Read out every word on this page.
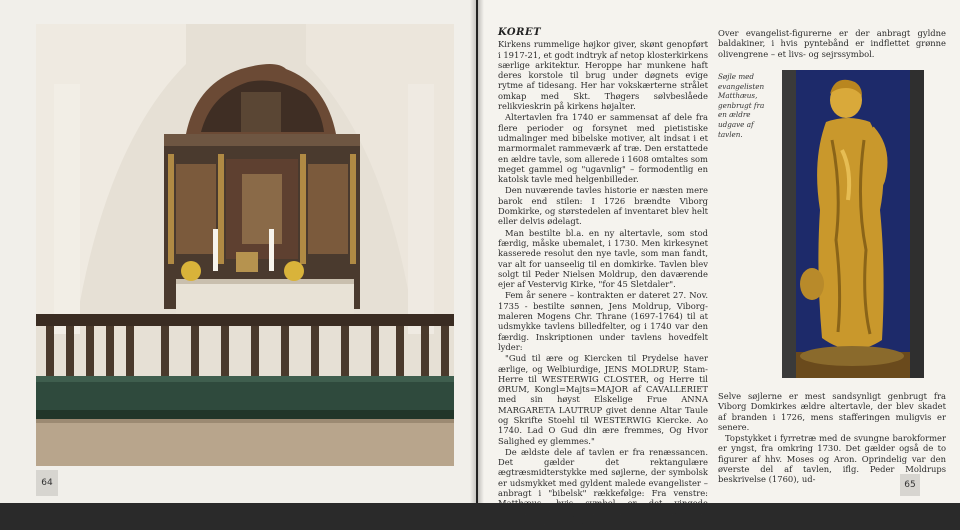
64
KORET

Kirkens rummelige højkor giver, skønt genopført i 1917-21, et godt indtryk af netop klosterkirkens særlige arkitektur. Heroppe har munkene haft deres korstole til brug under døgnets evige rytme af tidesang. Her har vokskærterne strålet omkap med Skt. Thøgers sølvbeslåede relikvieskrin på kirkens højalter.

Altertavlen fra 1740 er sammensat af dele fra flere perioder og forsynet med pietistiske udmalinger med bibelske motiver, alt indsat i et marmormalet rammeværk af træ. Den erstattede en ældre tavle, som allerede i 1608 omtaltes som meget gammel og "ugavnlig" – formodentlig en katolsk tavle med helgenbilleder.

Den nuværende tavles historie er næsten mere barok end stilen: I 1726 brændte Viborg Domkirke, og størstedelen af inventaret blev helt eller delvis ødelagt.

Man bestilte bl.a. en ny altertavle, som stod færdig, måske ubemalet, i 1730. Men kirkesynet kasserede resolut den nye tavle, som man fandt, var alt for uanseelig til en domkirke. Tavlen blev solgt til Peder Nielsen Moldrup, den daværende ejer af Vestervig Kirke, "for 45 Sletdaler".

Fem år senere – kontrakten er dateret 27. Nov. 1735 - bestilte sønnen, Jens Moldrup, Viborg-maleren Mogens Chr. Thrane (1697-1764) til at udsmykke tavlens billedfelter, og i 1740 var den færdig. Inskriptionen under tavlens hovedfelt lyder:

"Gud til ære og Kiercken til Prydelse haver ærlige, og Welbiurdige, JENS MOLDRUP, Stam-Herre til WESTERWIG CLOSTER, og Herre til ØRUM, Kongl=Majts=MAJOR af CAVALLERIET med sin høyst Elskelige Frue ANNA MARGARETA LAUTRUP givet denne Altar Taule og Skrifte Stoehl til WESTERWIG Kiercke. Ao 1740. Lad O Gud din ære fremmes, Og Hvor Salighed ey glemmes."

De ældste dele af tavlen er fra renæssancen. Det gælder det rektangulære ægtræsmidterstykke med søjlerne, der symbolsk er udsmykket med gyldent malede evangelister – anbragt i "bibelsk" rækkefølge: Fra venstre: Matthæus, hvis symbol er det vingede menneske, Markus med løve, Lukas med oksen og Johannes med ørnen.

Over evangelist-figurerne er der anbragt gyldne baldakiner, i hvis pyntebånd er indflettet grønne olivengrene – et livs- og sejrssymbol.

Søjle med evangelisten Matthæus, genbrugt fra en ældre udgave af tavlen.

Selve søjlerne er mest sandsynligt genbrugt fra Viborg Domkirkes ældre altertavle, der blev skadet af branden i 1726, mens stafferingen muligvis er senere.

Topstykket i fyrretræ med de svungne barokformer er yngst, fra omkring 1730. Det gælder også de to figurer af hhv. Moses og Aron. Oprindelig var den øverste del af tavlen, iflg. Peder Moldrups beskrivelse (1760), ud-

65
